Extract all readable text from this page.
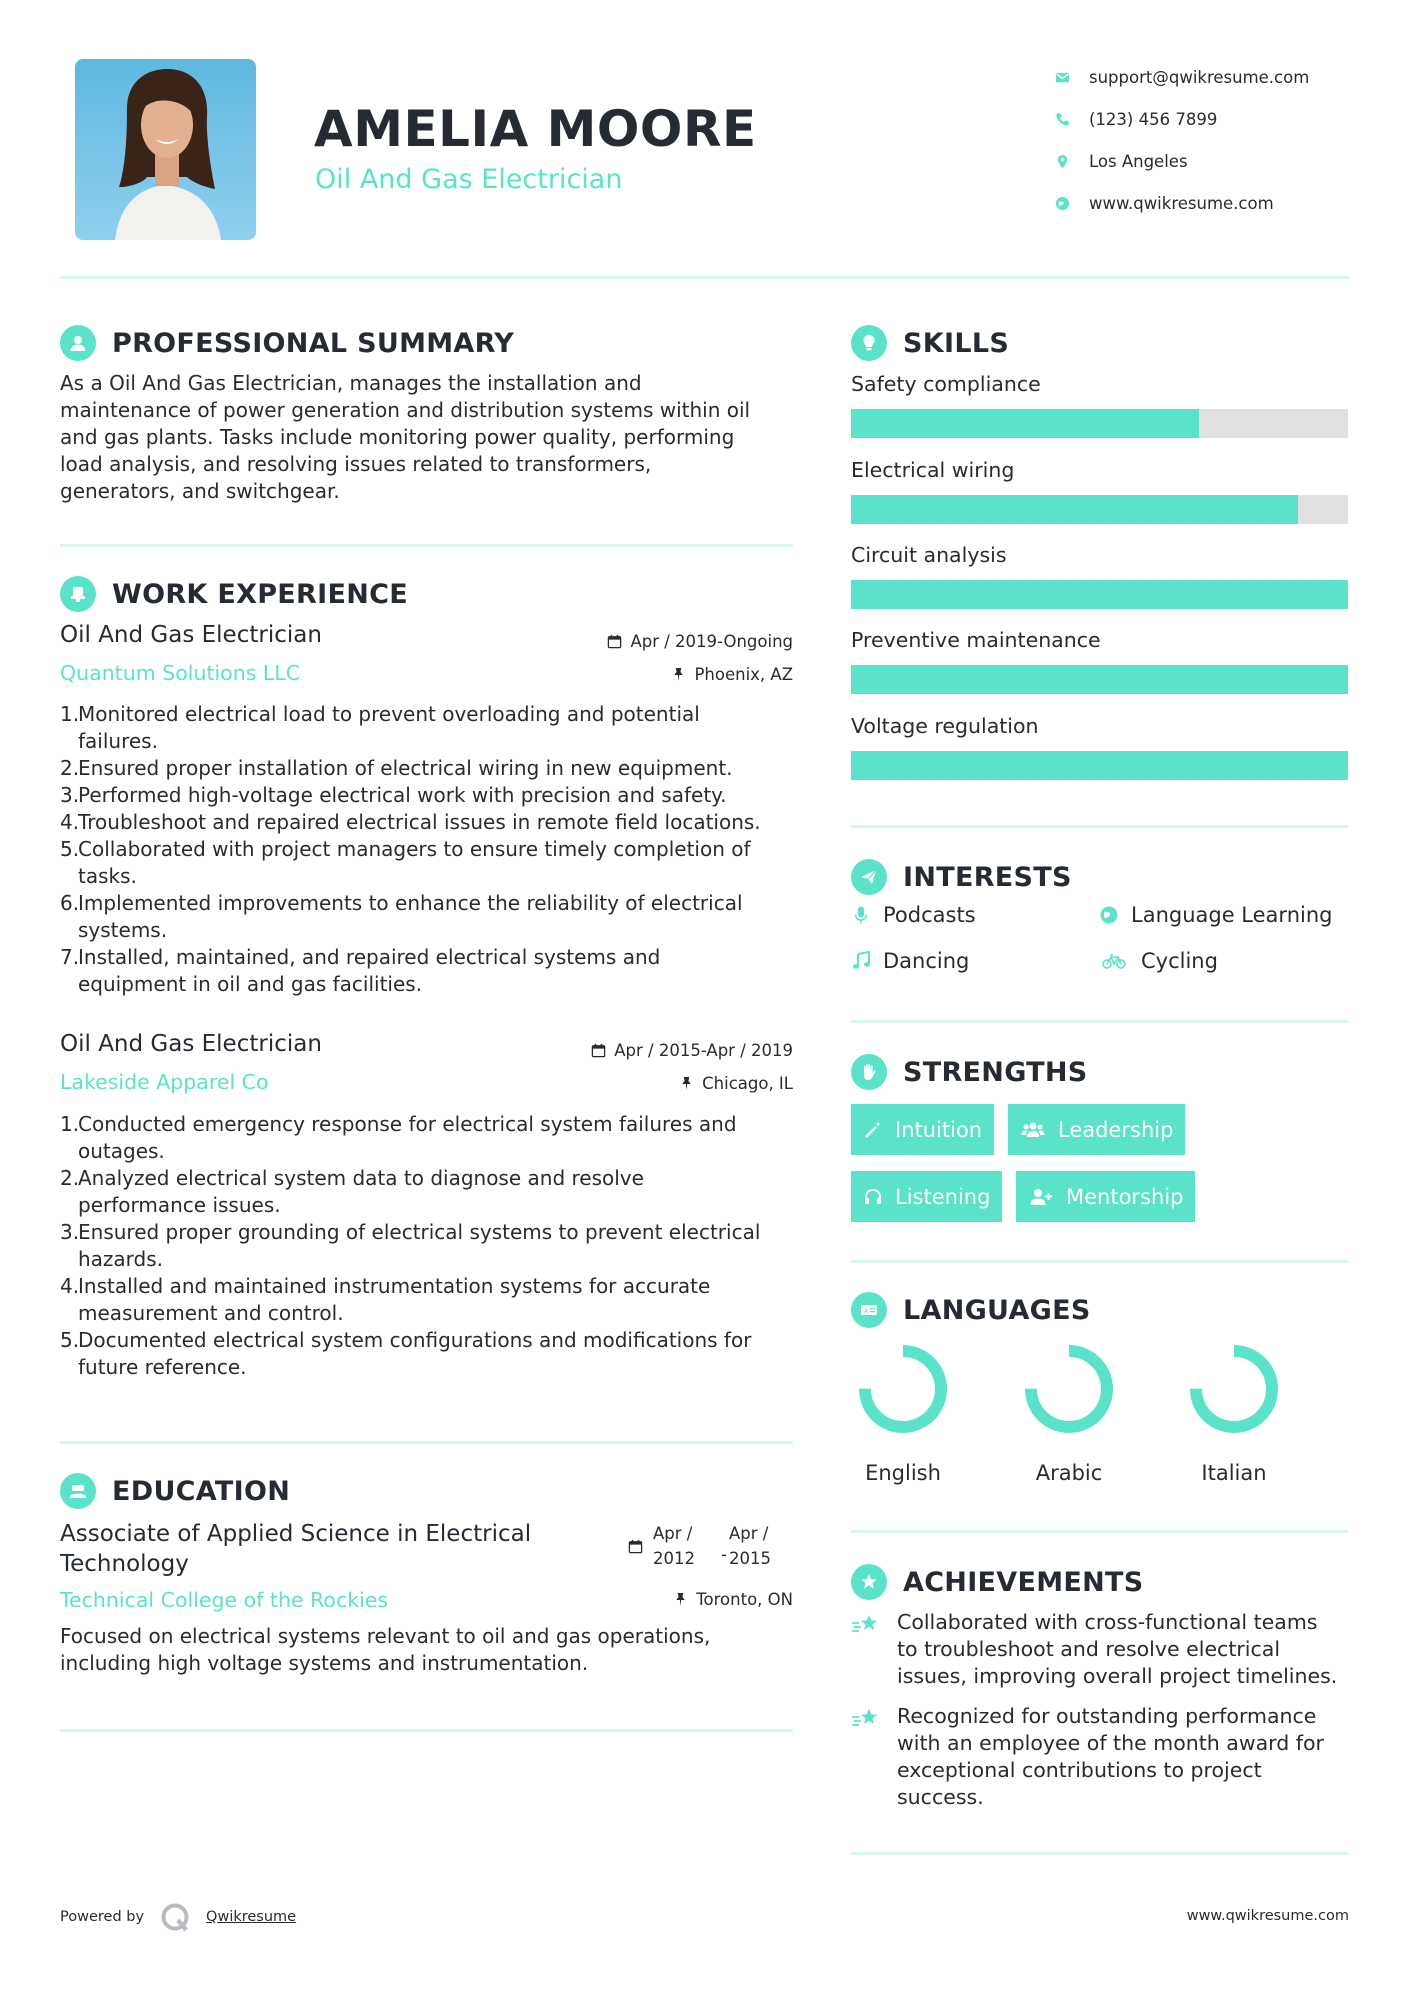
AMELIA MOORE
Oil And Gas Electrician
support@qwikresume.com
(123) 456 7899
Los Angeles
www.qwikresume.com
PROFESSIONAL SUMMARY
As a Oil And Gas Electrician, manages the installation and
maintenance of power generation and distribution systems within oil
and gas plants. Tasks include monitoring power quality, performing
load analysis, and resolving issues related to transformers,
generators, and switchgear.
WORK EXPERIENCE
Oil And Gas Electrician
Quantum Solutions LLC
Apr / 2019-Ongoing
Phoenix, AZ
1.
Monitored electrical load to prevent overloading and potential
failures.
2.
Ensured proper installation of electrical wiring in new equipment.
3.
Performed high-voltage electrical work with precision and safety.
4.
Troubleshoot and repaired electrical issues in remote field locations.
5.
Collaborated with project managers to ensure timely completion of
tasks.
6.
Implemented improvements to enhance the reliability of electrical
systems.
7.
Installed, maintained, and repaired electrical systems and
equipment in oil and gas facilities.
Oil And Gas Electrician
Lakeside Apparel Co
Apr / 2015-Apr / 2019
Chicago, IL
1.
Conducted emergency response for electrical system failures and
outages.
2.
Analyzed electrical system data to diagnose and resolve
performance issues.
3.
Ensured proper grounding of electrical systems to prevent electrical
hazards.
4.
Installed and maintained instrumentation systems for accurate
measurement and control.
5.
Documented electrical system configurations and modifications for
future reference.
EDUCATION
Associate of Applied Science in Electrical
Technology
Technical College of the Rockies
Apr /
2012 -
Apr /
2015
Toronto, ON
Focused on electrical systems relevant to oil and gas operations,
including high voltage systems and instrumentation.
SKILLS
Safety compliance
Electrical wiring
Circuit analysis
Preventive maintenance
Voltage regulation
INTERESTS
Podcasts	Language Learning
Dancing	Cycling
STRENGTHS
Intuition	Leadership
Listening	Mentorship
A LANGUAGES
English	Arabic	Italian
ACHIEVEMENTS
Collaborated with cross-functional teams
to troubleshoot and resolve electrical
issues, improving overall project timelines.
Recognized for outstanding performance
with an employee of the month award for
exceptional contributions to project
success.
Powered by	Qwikresume	www.qwikresume.com
